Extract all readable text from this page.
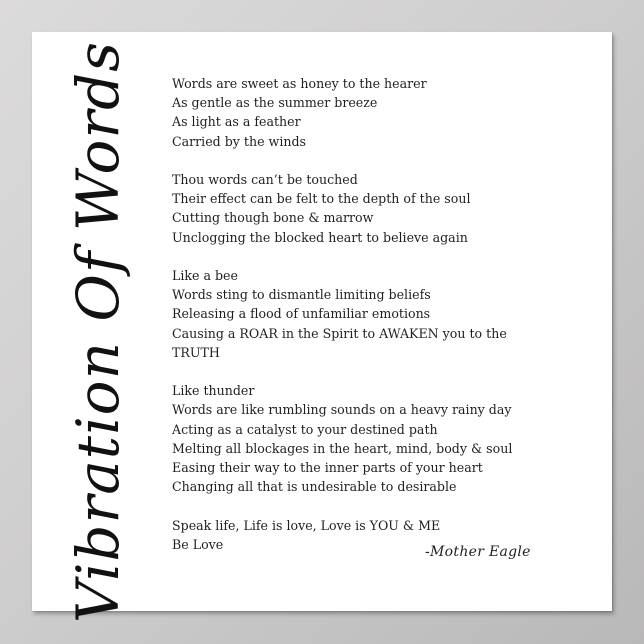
Vibration Of Words	Words are sweet as honey to the hearer
As gentle as the summer breeze
As light as a feather
Carried by the winds
Thou words can’t be touched
Their effect can be felt to the depth of the soul
Cutting though bone & marrow
Unclogging the blocked heart to believe again
Like a bee
Words sting to dismantle limiting beliefs
Releasing a flood of unfamiliar emotions
Causing a ROAR in the Spirit to AWAKEN you to the
TRUTH
Like thunder
Words are like rumbling sounds on a heavy rainy day
Acting as a catalyst to your destined path
Melting all blockages in the heart, mind, body & soul
Easing their way to the inner parts of your heart
Changing all that is undesirable to desirable
Speak life, Life is love, Love is YOU & ME
Be Love	-Mother Eagle
